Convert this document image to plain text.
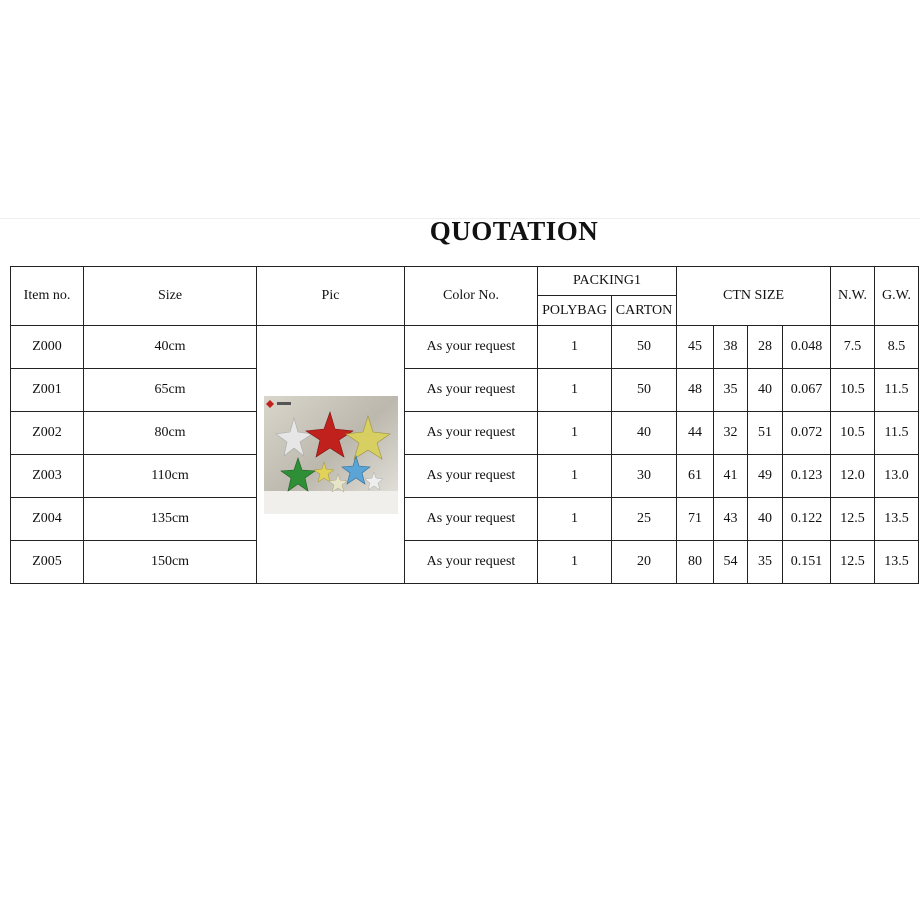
QUOTATION
Item no.	Size	Pic	Color No.	PACKING1		CTN SIZE				N.W.	G.W.
				POLYBAG	CARTON						
Z000	40cm		As your request	1	50	45	38	28	0.048	7.5	8.5
Z001	65cm		As your request	1	50	48	35	40	0.067	10.5	11.5
Z002	80cm		As your request	1	40	44	32	51	0.072	10.5	11.5
Z003	110cm		As your request	1	30	61	41	49	0.123	12.0	13.0
Z004	135cm		As your request	1	25	71	43	40	0.122	12.5	13.5
Z005	150cm		As your request	1	20	80	54	35	0.151	12.5	13.5
